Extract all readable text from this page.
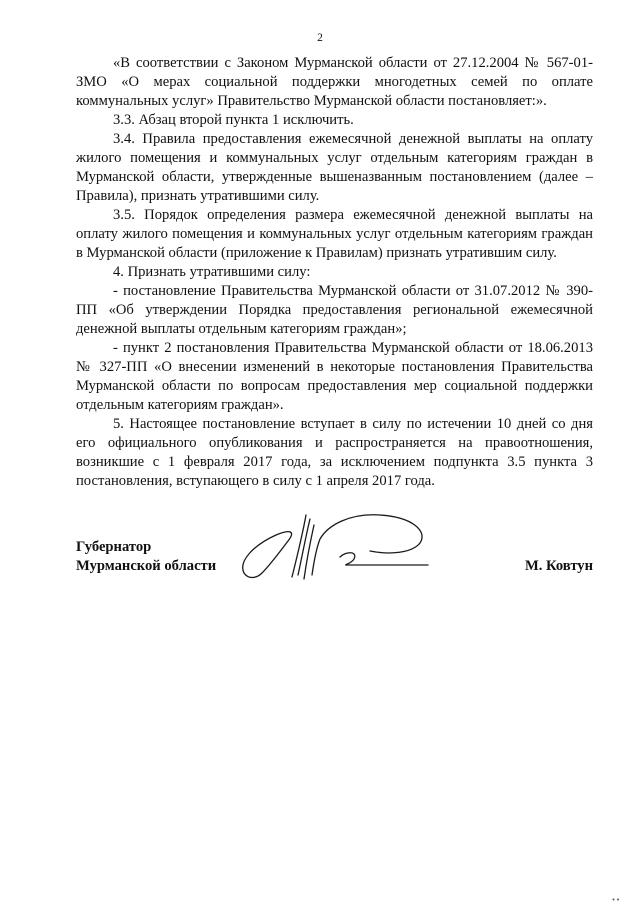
2

«В соответствии с Законом Мурманской области от 27.12.2004 № 567-01-ЗМО «О мерах социальной поддержки многодетных семей по оплате коммунальных услуг» Правительство Мурманской области постановляет:».

3.3. Абзац второй пункта 1 исключить.

3.4. Правила предоставления ежемесячной денежной выплаты на оплату жилого помещения и коммунальных услуг отдельным категориям граждан в Мурманской области, утвержденные вышеназванным постановлением (далее – Правила), признать утратившими силу.

3.5. Порядок определения размера ежемесячной денежной выплаты на оплату жилого помещения и коммунальных услуг отдельным категориям граждан в Мурманской области (приложение к Правилам) признать утратившим силу.

4. Признать утратившими силу:

- постановление Правительства Мурманской области от 31.07.2012 № 390-ПП «Об утверждении Порядка предоставления региональной ежемесячной денежной выплаты отдельным категориям граждан»;

- пункт 2 постановления Правительства Мурманской области от 18.06.2013 № 327-ПП «О внесении изменений в некоторые постановления Правительства Мурманской области по вопросам предоставления мер социальной поддержки отдельным категориям граждан».

5. Настоящее постановление вступает в силу по истечении 10 дней со дня его официального опубликования и распространяется на правоотношения, возникшие с 1 февраля 2017 года, за исключением подпункта 3.5 пункта 3 постановления, вступающего в силу с 1 апреля 2017 года.

Губернатор
Мурманской области	М. Ковтун
